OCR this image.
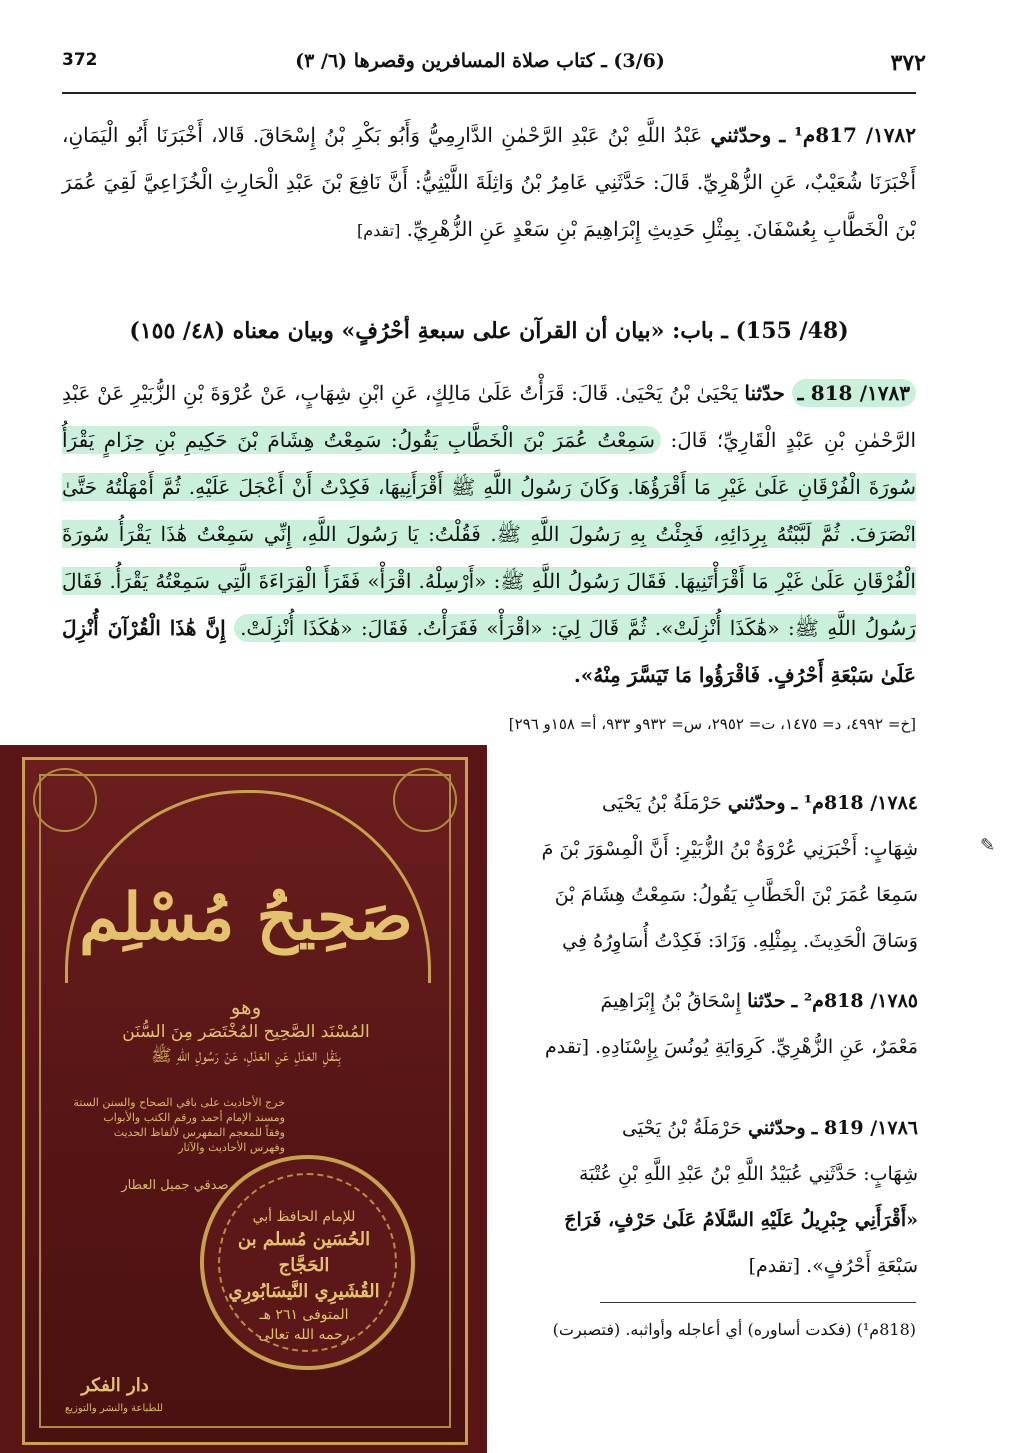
372	(3/6) ـ كتاب صلاة المسافرين وقصرها (٦/ ٣)	٣٧٢

١٧٨٢/ 817م¹ ـ وحدّثني عَبْدُ اللَّهِ بْنُ عَبْدِ الرَّحْمٰنِ الدَّارِمِيُّ وَأَبُو بَكْرِ بْنُ إِسْحَاقَ. قَالا، أَخْبَرَنَا أَبُو الْيَمَانِ، أَخْبَرَنَا شُعَيْبٌ، عَنِ الزُّهْرِيِّ. قَالَ: حَدَّثَنِي عَامِرُ بْنُ وَاثِلَةَ اللَّيْثِيُّ: أَنَّ نَافِعَ بْنَ عَبْدِ الْحَارِثِ الْخُزَاعِيَّ لَقِيَ عُمَرَ بْنَ الْخَطَّابِ بِعُسْفَانَ. بِمِثْلِ حَدِيثِ إِبْرَاهِيمَ بْنِ سَعْدٍ عَنِ الزُّهْرِيِّ. [تقدم]

(48/ 155) ـ باب: «بيان أن القرآن على سبعةِ أحْرُفٍ» وبيان معناه (٤٨/ ١٥٥)

١٧٨٣/ 818 ـ حدّثنا يَحْيَىٰ بْنُ يَحْيَىٰ. قَالَ: قَرَأْتُ عَلَىٰ مَالِكٍ، عَنِ ابْنِ شِهَابٍ، عَنْ عُرْوَةَ بْنِ الزُّبَيْرِ عَنْ عَبْدِ الرَّحْمٰنِ بْنِ عَبْدٍ الْقَارِيِّ؛ قَالَ: سَمِعْتُ عُمَرَ بْنَ الْخَطَّابِ يَقُولُ: سَمِعْتُ هِشَامَ بْنَ حَكِيمِ بْنِ حِزَامٍ يَقْرَأُ سُورَةَ الْفُرْقَانِ عَلَىٰ غَيْرِ مَا أَقْرَؤُهَا. وَكَانَ رَسُولُ اللَّهِ ﷺ أَقْرَأَنِيهَا، فَكِدْتُ أَنْ أَعْجَلَ عَلَيْهِ. ثُمَّ أَمْهَلْتُهُ حَتَّىٰ انْصَرَفَ. ثُمَّ لَبَّبْتُهُ بِرِدَائِهِ، فَجِئْتُ بِهِ رَسُولَ اللَّهِ ﷺ. فَقُلْتُ: يَا رَسُولَ اللَّهِ، إِنِّي سَمِعْتُ هَٰذَا يَقْرَأُ سُورَةَ الْفُرْقَانِ عَلَىٰ غَيْرِ مَا أَقْرَأْتَنِيهَا. فَقَالَ رَسُولُ اللَّهِ ﷺ: «أَرْسِلْهُ. اقْرَأْ» فَقَرَأَ الْقِرَاءَةَ الَّتِي سَمِعْتُهُ يَقْرَأُ. فَقَالَ رَسُولُ اللَّهِ ﷺ: «هَٰكَذَا أُنْزِلَتْ». ثُمَّ قَالَ لِيَ: «اقْرَأْ» فَقَرَأْتُ. فَقَالَ: «هَٰكَذَا أُنْزِلَتْ. إِنَّ هَٰذَا الْقُرْآنَ أُنْزِلَ عَلَىٰ سَبْعَةِ أَحْرُفٍ. فَاقْرَؤُوا مَا تَيَسَّرَ مِنْهُ».

[خ= ٤٩٩٢، د= ١٤٧٥، ت= ٢٩٥٢، س= ٩٣٢و ٩٣٣، أ= ١٥٨و ٢٩٦]
١٧٨٤/ 818م¹ ـ وحدّثني حَرْمَلَةُ بْنُ يَحْيَى
شِهَابٍ: أَخْبَرَنِي عُرْوَةُ بْنُ الزُّبَيْرِ: أَنَّ الْمِسْوَرَ بْنَ مَ
سَمِعَا عُمَرَ بْنَ الْخَطَّابِ يَقُولُ: سَمِعْتُ هِشَامَ بْنَ
وَسَاقَ الْحَدِيثَ. بِمِثْلِهِ. وَزَادَ: فَكِدْتُ أُسَاوِرُهُ فِي
✎
١٧٨٥/ 818م² ـ حدّثنا إِسْحَاقُ بْنُ إِبْرَاهِيمَ
مَعْمَرٌ، عَنِ الزُّهْرِيِّ. كَرِوَايَةِ يُونُسَ بِإِسْنَادِهِ. [تقدم
١٧٨٦/ 819 ـ وحدّثني حَرْمَلَةُ بْنُ يَحْيَى
شِهَابٍ: حَدَّثَنِي عُبَيْدُ اللَّهِ بْنُ عَبْدِ اللَّهِ بْنِ عُتْبَة
«أَقْرَأَنِي جِبْرِيلُ عَلَيْهِ السَّلَامُ عَلَىٰ حَرْفٍ، فَرَاجَ
سَبْعَةِ أَحْرُفٍ». [تقدم]
(818م¹) (فكدت أساوره) أي أعاجله وأواثبه. (فتصبرت)
صَحِيحُ مُسْلِم
وهو
المُسْنَد الصَّحِيح المُخْتَصَر مِنَ السُّنَن
بِنَقْلِ العَدْلِ عَنِ العَدْلِ، عَنْ رَسُولِ اللهِ ﷺ
خرج الأحاديث على باقي الصحاح والسنن الستة
ومسند الإمام أحمد ورقم الكتب والأبواب
وفقاً للمعجم المفهرس لألفاظ الحديث
وفهرس الأحاديث والآثار
صدقي جميل العطار
للإمام الحافظ أبي
الحُسَين مُسلم بن الحَجَّاج
القُشَيرِي النَّيسَابُورِي
المتوفى ٢٦١ هـ
رحمه الله تعالى
دار الفكر
للطباعة والنشر والتوزيع
